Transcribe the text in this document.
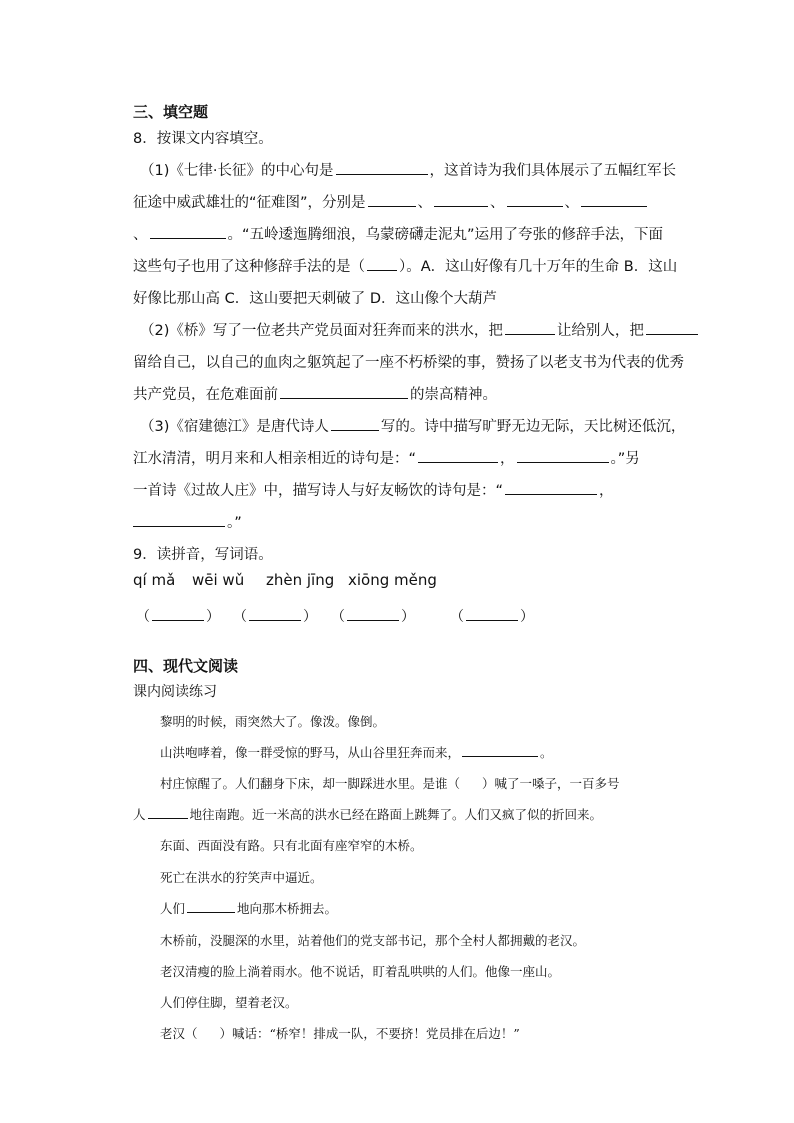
三、填空题
8．按课文内容填空。
（1)《七律·长征》的中心句是	，这首诗为我们具体展示了五幅红军长
征途中威武雄壮的“征难图”，分别是	、	、	、
、	。“五岭逶迤腾细浪，乌蒙磅礴走泥丸”运用了夸张的修辞手法，下面
这些句子也用了这种修辞手法的是（ ）。A．这山好像有几十万年的生命 B．这山
好像比那山高 C．这山要把天刺破了 D．这山像个大葫芦
（2)《桥》写了一位老共产党员面对狂奔而来的洪水，把	让给别人，把
留给自己，以自己的血肉之躯筑起了一座不朽桥梁的事，赞扬了以老支书为代表的优秀
共产党员，在危难面前	的崇高精神。
（3)《宿建德江》是唐代诗人	写的。诗中描写旷野无边无际，天比树还低沉，
江水清清，明月来和人相亲相近的诗句是：“	，	。”另
一首诗《过故人庄》中，描写诗人与好友畅饮的诗句是：“	，
。”
9．读拼音，写词语。
qí mǎ wēi wǔ zhèn jīng xiōng měng
（	） （	） （	）	（	）
四、现代文阅读
课内阅读练习
黎明的时候，雨突然大了。像泼。像倒。
山洪咆哮着，像一群受惊的野马，从山谷里狂奔而来，	。
村庄惊醒了。人们翻身下床，却一脚踩进水里。是谁（ ）喊了一嗓子，一百多号
人	地往南跑。近一米高的洪水已经在路面上跳舞了。人们又疯了似的折回来。
东面、西面没有路。只有北面有座窄窄的木桥。
死亡在洪水的狞笑声中逼近。
人们	地向那木桥拥去。
木桥前，没腿深的水里，站着他们的党支部书记，那个全村人都拥戴的老汉。
老汉清瘦的脸上淌着雨水。他不说话，盯着乱哄哄的人们。他像一座山。
人们停住脚，望着老汉。
老汉（ ）喊话：“桥窄！排成一队，不要挤！党员排在后边！”
